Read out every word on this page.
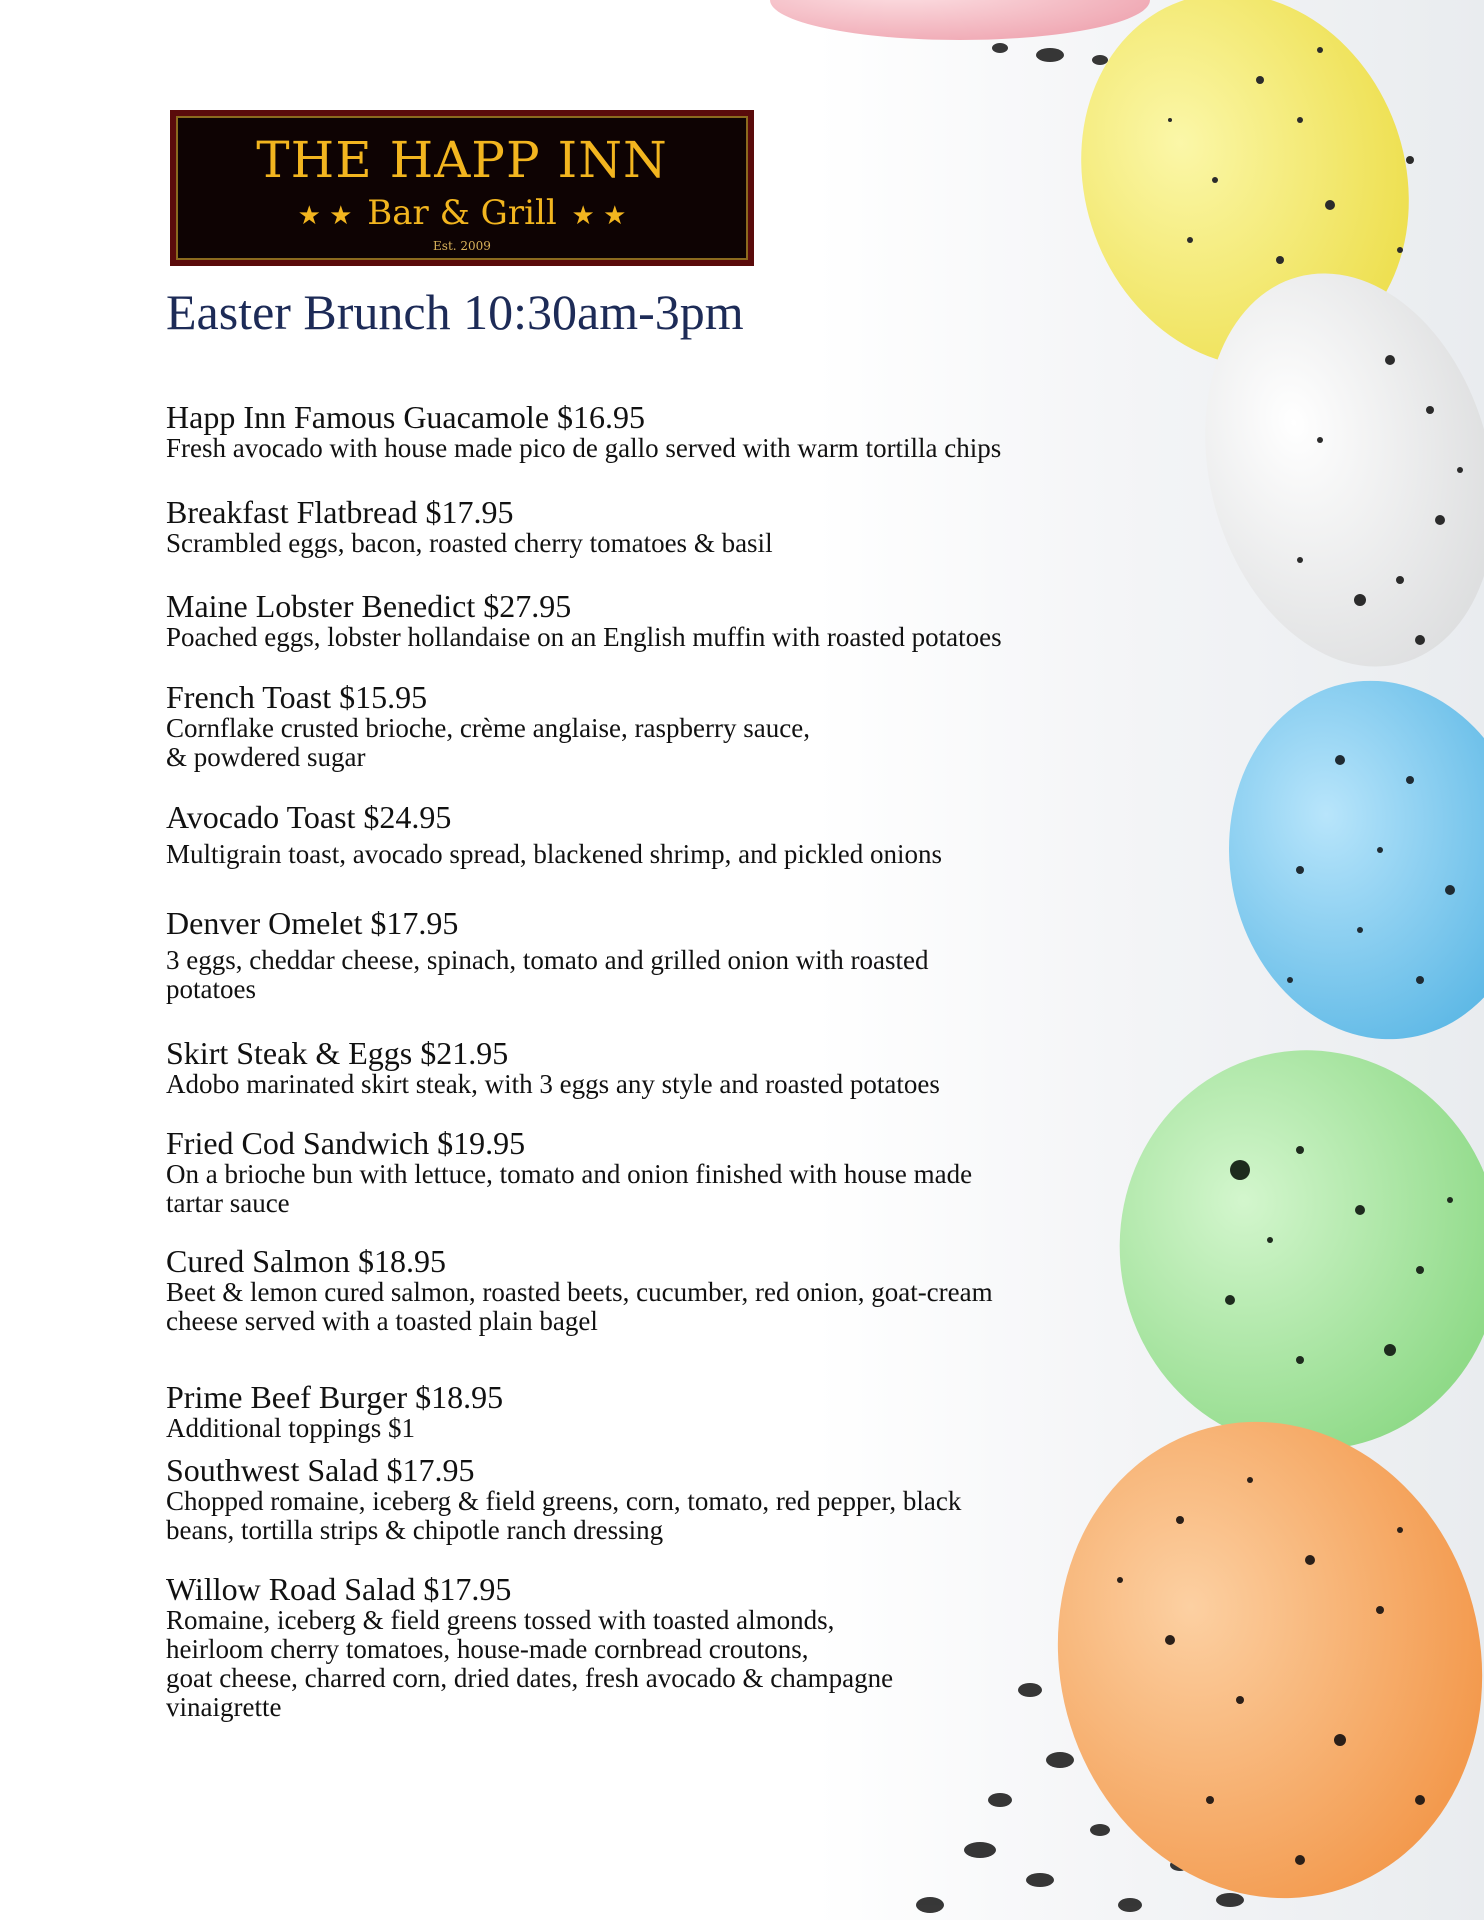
THE HAPP INN
★ ★ Bar & Grill ★ ★
Est. 2009
Easter Brunch 10:30am-3pm
Happ Inn Famous Guacamole $16.95
Fresh avocado with house made pico de gallo served with warm tortilla chips
Breakfast Flatbread $17.95
Scrambled eggs, bacon, roasted cherry tomatoes & basil
Maine Lobster Benedict $27.95
Poached eggs, lobster hollandaise on an English muffin with roasted potatoes
French Toast $15.95
Cornflake crusted brioche, crème anglaise, raspberry sauce,
& powdered sugar
Avocado Toast $24.95
Multigrain toast, avocado spread, blackened shrimp, and pickled onions
Denver Omelet $17.95
3 eggs, cheddar cheese, spinach, tomato and grilled onion with roasted
potatoes
Skirt Steak & Eggs $21.95
Adobo marinated skirt steak, with 3 eggs any style and roasted potatoes
Fried Cod Sandwich $19.95
On a brioche bun with lettuce, tomato and onion finished with house made
tartar sauce
Cured Salmon $18.95
Beet & lemon cured salmon, roasted beets, cucumber, red onion, goat-cream
cheese served with a toasted plain bagel
Prime Beef Burger $18.95
Additional toppings $1
Southwest Salad $17.95
Chopped romaine, iceberg & field greens, corn, tomato, red pepper, black
beans, tortilla strips & chipotle ranch dressing
Willow Road Salad $17.95
Romaine, iceberg & field greens tossed with toasted almonds,
heirloom cherry tomatoes, house-made cornbread croutons,
goat cheese, charred corn, dried dates, fresh avocado & champagne
vinaigrette
